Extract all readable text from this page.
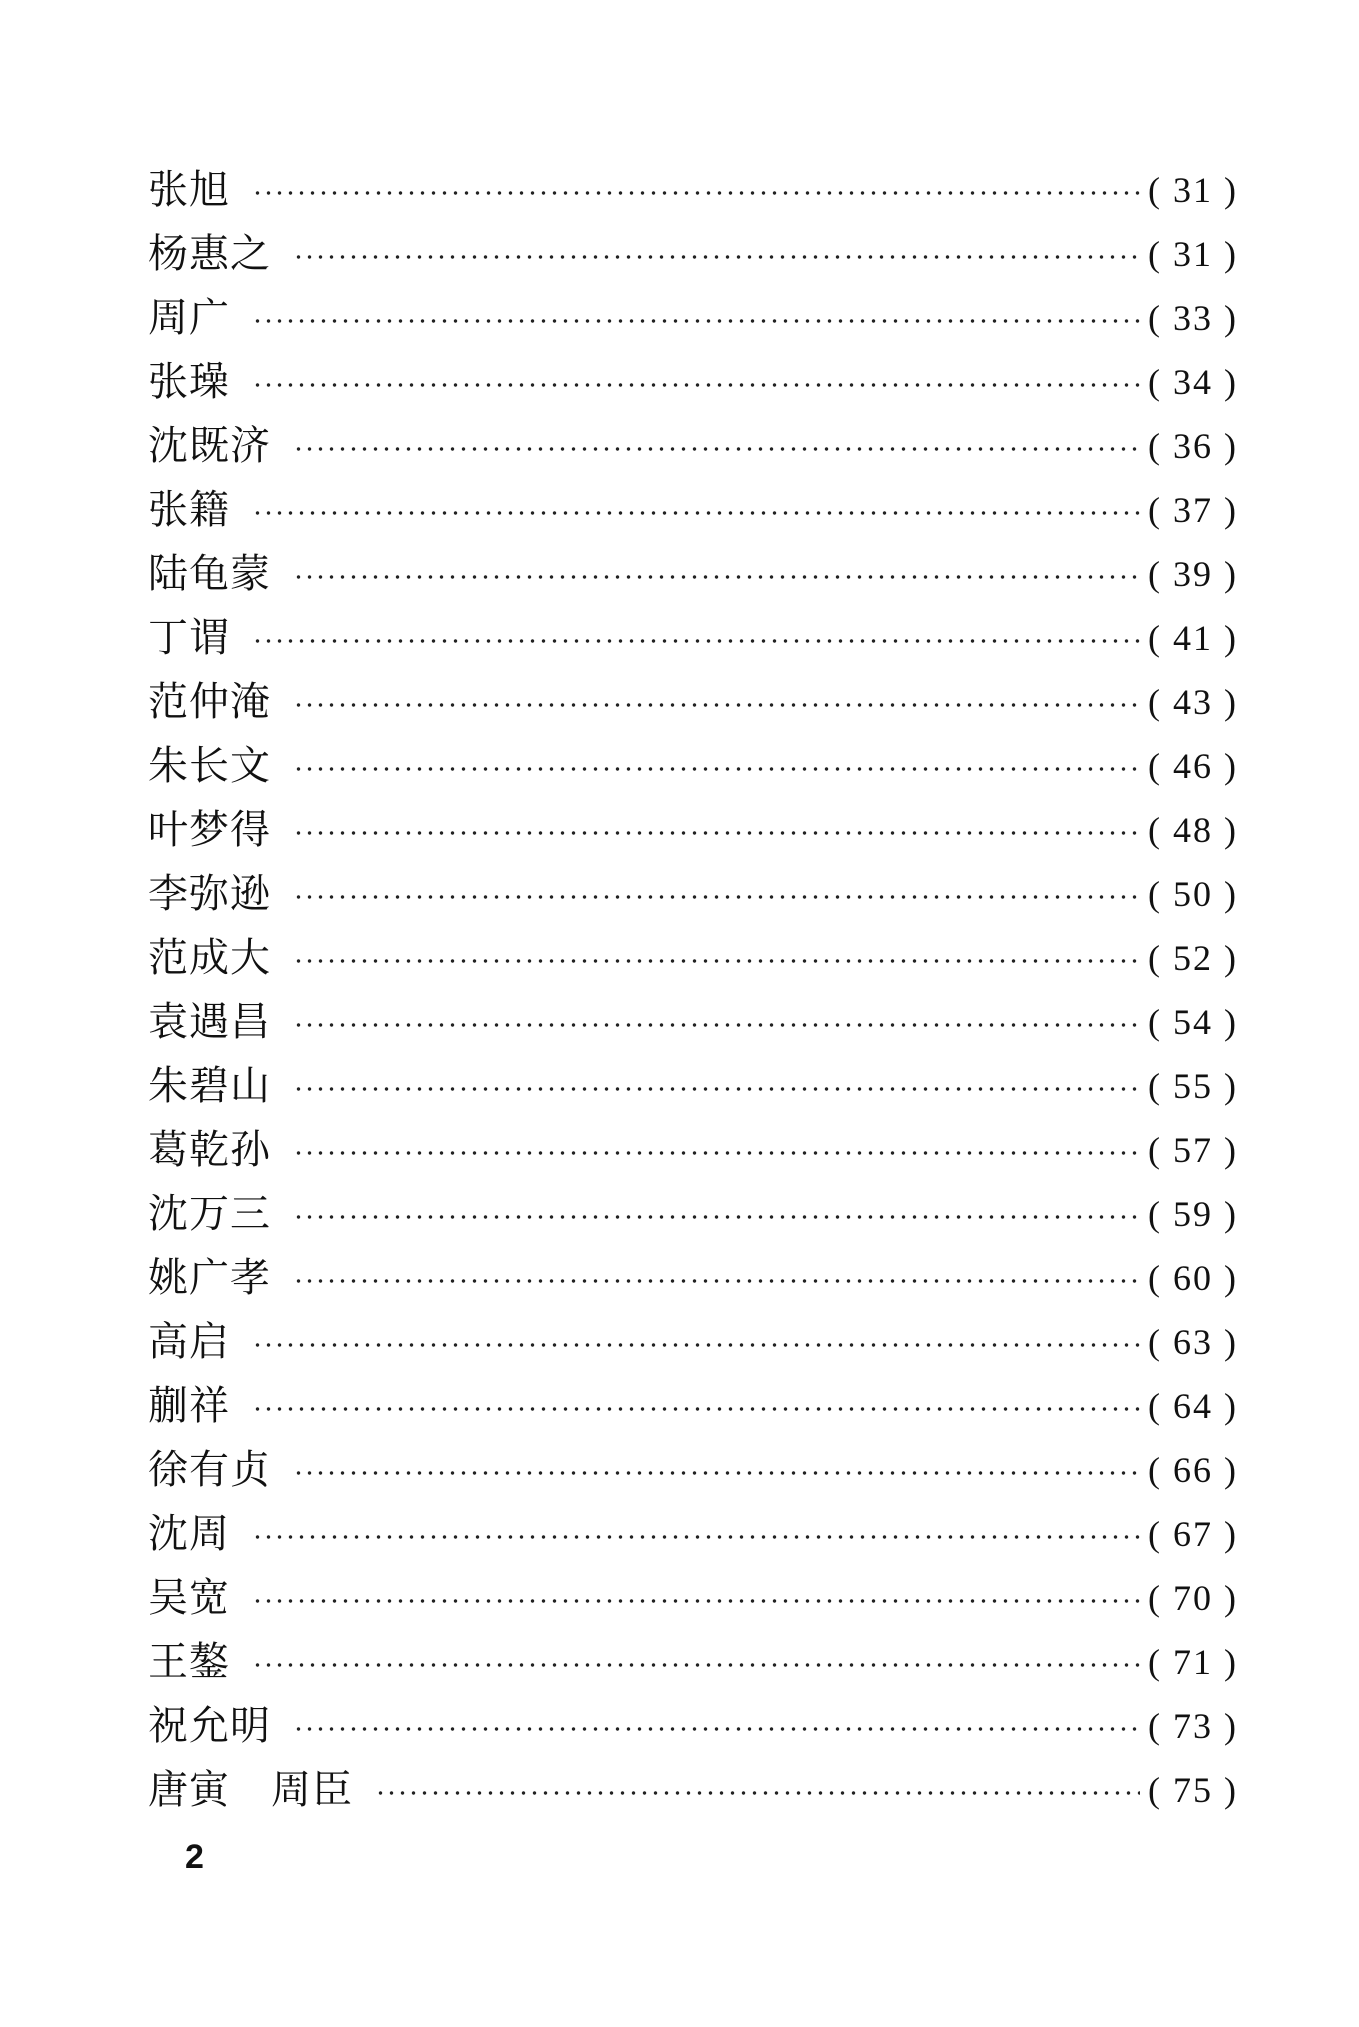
张旭	( 31 )
杨惠之	( 31 )
周广	( 33 )
张璪	( 34 )
沈既济	( 36 )
张籍	( 37 )
陆龟蒙	( 39 )
丁谓	( 41 )
范仲淹	( 43 )
朱长文	( 46 )
叶梦得	( 48 )
李弥逊	( 50 )
范成大	( 52 )
袁遇昌	( 54 )
朱碧山	( 55 )
葛乾孙	( 57 )
沈万三	( 59 )
姚广孝	( 60 )
高启	( 63 )
蒯祥	( 64 )
徐有贞	( 66 )
沈周	( 67 )
吴宽	( 70 )
王鏊	( 71 )
祝允明	( 73 )
唐寅　周臣	( 75 )
2
